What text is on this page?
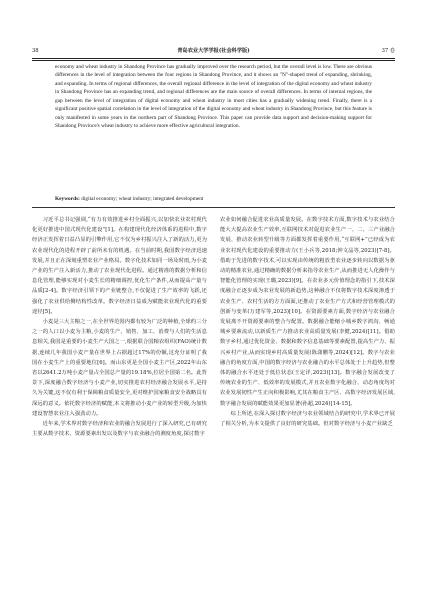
38	青岛农业大学学报(社会科学版)	37 卷

economy and wheat industry in Shandong Province has gradually improved over the research period, but the overall level is low. There are obvious differences in the level of integration between the four regions in Shandong Province, and it shows an "N"-shaped trend of expanding, shrinking, and expanding. In terms of regional differences, the overall regional difference in the level of integration of the digital economy and wheat industry in Shandong Province has an expanding trend, and regional differences are the main source of overall differences. In terms of internal regions, the gap between the level of integration of digital economy and wheat industry in most cities has a gradually widening trend. Finally, there is a significant positive spatial correlation in the level of integration of the digital economy and wheat industry in Shandong Province, but this feature is only manifested in some years in the northern part of Shandong Province. This paper can provide data support and decision-making support for Shandong Province's wheat industry to achieve more effective agricultural integration.

Keywords: digital economy; wheat industry; integrated development

习近平总书记强调,“有力有效推进乡村全面振兴,以加快农业农村现代化更好推进中国式现代化建设”[1]。在构建现代化经济体系的进程中,数字经济正发挥着日益凸显的引擎作用,它不仅为乡村振兴注入了新的活力,更为农业现代化的进程开辟了前所未有的机遇。在当前时期,我国数字经济迅速发展,并且正在深刻重塑农业产业格局。数字化技术如同一场及时雨,为小麦产业的生产注入新活力,推动了农业现代化进程。通过精准的数据分析和信息化管理,能够实现对小麦生长的精细调控,优化生产条件,从而提高产量与品质[2-4]。数字经济引领下的产业链整合,不仅促进了生产效率的飞跃,还强化了农业供给侧结构性改革。数字经济日益成为赋能农业现代化的重要途径[5]。

小麦是三大主粮之一,在全世界范围内都有较为广泛的种植,全球约三分之一的人口以小麦为主粮,小麦的生产、销售、加工、消费与人们的生活息息相关,我国是重要的小麦生产大国之一,根据联合国粮农组织(FAO)统计数据,连续几年我国小麦产量在世界上占据超过17%的份额,这充分证明了我国在小麦生产上的重要地位[6]。而山东更是全国小麦主产区,2022年山东省以2641.2万吨小麦产量占全国总产量的19.18%,位居全国第二名。此背景下,深度融合数字经济与小麦产业,切实推进农村经济融合发展水平,是持久为关键,这不仅有利于保障粮食质量安全,更对维护国家粮食安全战略具有深远的意义。依托数字经济的赋能,本文将推动小麦产业的转型升级,为加快建设智慧农业注入强劲动力。

近年来,学术界对数字经济和农业的融合发展进行了深入研究,已有研究主要从数字技术、资源要素出发以及数字与农业融合的测度角度,探讨数字

农业如何融合促进农业高质量发展。在数字技术方面,数字技术与农业结合能大大提高农业生产效率,互联网技术对促进农业生产一、二、三产业融合发展、推动农业转型升级等方面都发挥着重要作用,“互联网+”已经成为农业农村现代化建设的重要推动力(王小兵等,2018;钟文晶等,2023)[7-8]。借助于先进的数字技术,可以实现由传统的粗放型农业逐步转向以数据为驱动的精准农业,通过精确的数据分析来指导农业生产,从而推进无人化操作与智能化管理的实现(王璐,2023)[9]。在农业多元价值理念的指引下,技术深度融合正逐步成为农业发展的新趋势,这种融合不仅将数字技术深度渗透于农业生产、农村生活的方方面面,还推动了农业生产方式和经营管理模式的创新与变革(万建军等,2023)[10]。在资源要素方面,数字经济与农业融合发展离不开资源要素的整合与配置。数据融合能缩小城乡数字鸿沟、畅通城乡要素流动,以新质生产力推动农业高质量发展(李健,2024)[11]。借助数字乡村,通过优化资金、数据和数字信息基础等要素配置,提高生产力、振兴乡村产业,从而实现乡村高质量发展(陈潇鹏等,2024)[12]。数字与农业融合的角度方面,中国的数字经济与农业融合的水平总体处于上升趋势,但整体的融合水平还处于低位状态(王定详,2023)[13]。数字融合发展改变了传统农业的生产、低效率的发展模式,并且农业数字化融合、动态角度均对农业发展韧性产生正向积极影响,尤其在粮食主产区、高数字经济发展区域,数字融合发展的赋能效果更加显著(孙超,2024)[14-15]。

综上所述,在深入探讨数字经济与农业领域结合的研究中,学术界已开展了相关分析,为本文提供了良好的研究基础。但对数字经济与小麦产业缺乏
